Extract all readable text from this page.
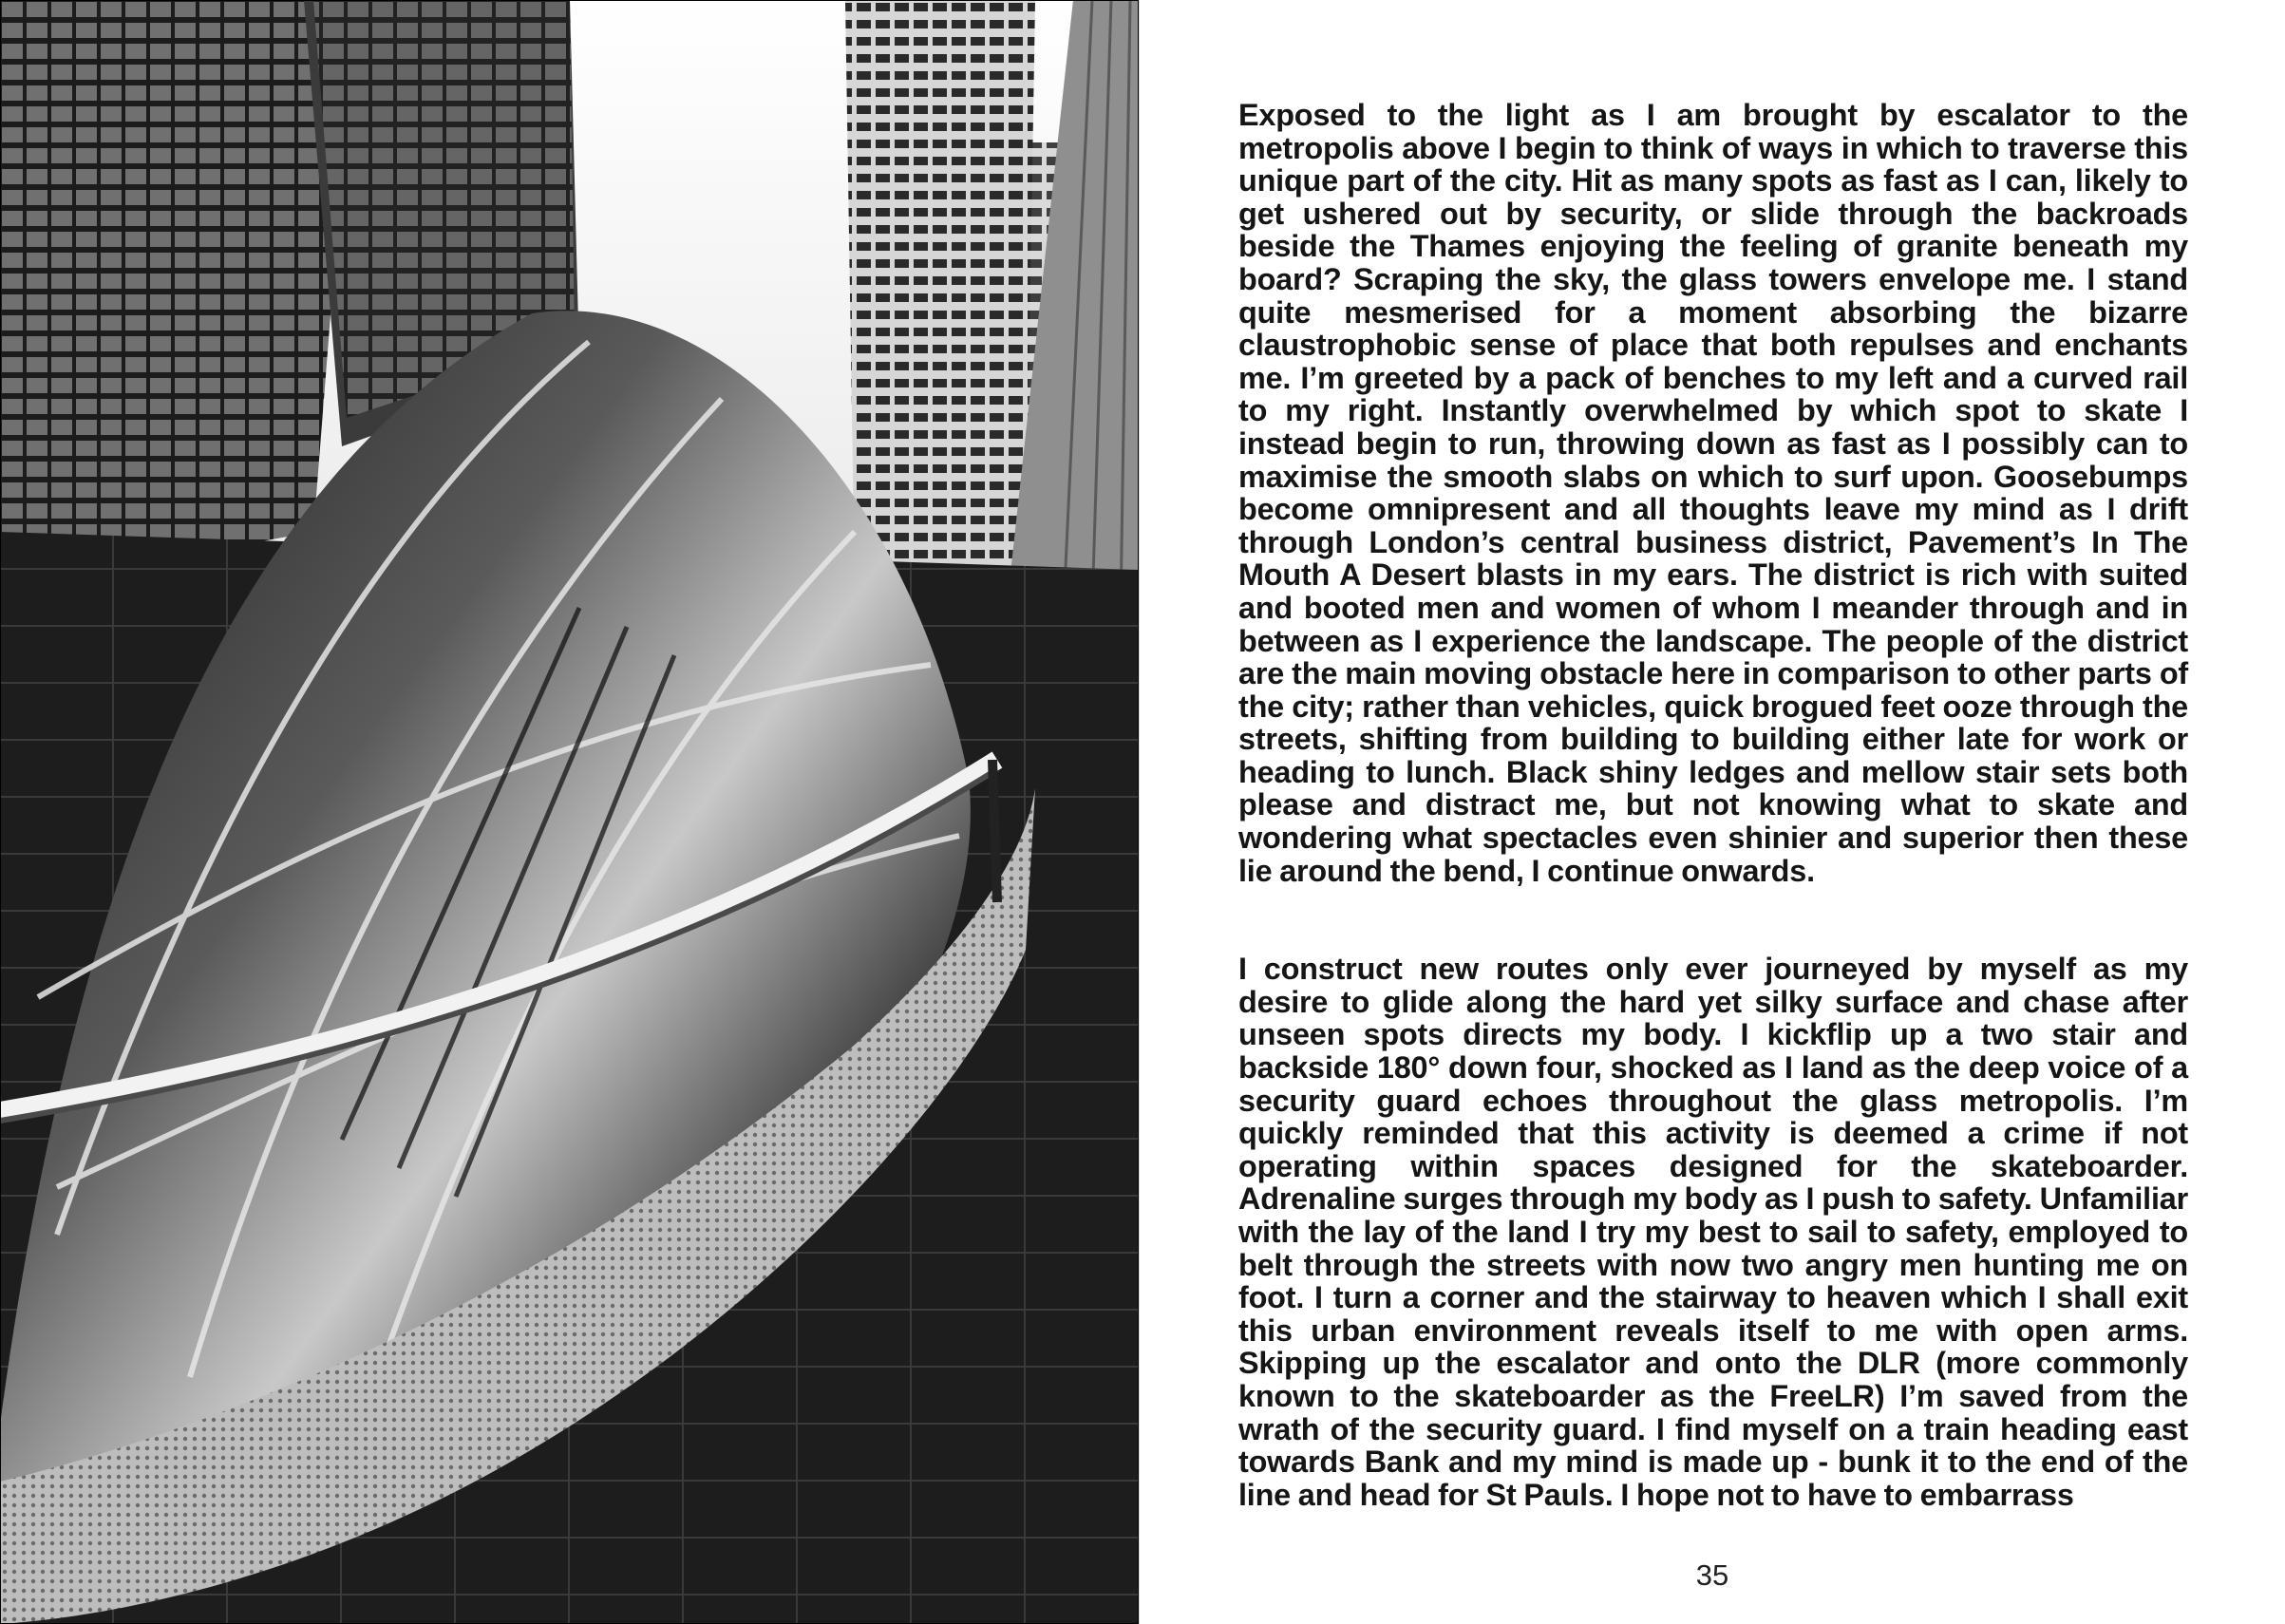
Exposed to the light as I am brought by escalator to the metropolis above I begin to think of ways in which to traverse this unique part of the city. Hit as many spots as fast as I can, likely to get ushered out by security, or slide through the backroads beside the Thames enjoying the feeling of granite beneath my board? Scraping the sky, the glass towers envelope me. I stand quite mesmerised for a moment absorbing the bizarre claustrophobic sense of place that both repulses and enchants me. I’m greeted by a pack of benches to my left and a curved rail to my right. Instantly overwhelmed by which spot to skate I instead begin to run, throwing down as fast as I possibly can to maximise the smooth slabs on which to surf upon. Goosebumps become omnipresent and all thoughts leave my mind as I drift through London’s central business district, Pavement’s In The Mouth A Desert blasts in my ears. The district is rich with suited and booted men and women of whom I meander through and in between as I experience the landscape. The people of the district are the main moving obstacle here in comparison to other parts of the city; rather than vehicles, quick brogued feet ooze through the streets, shifting from building to building either late for work or heading to lunch. Black shiny ledges and mellow stair sets both please and distract me, but not knowing what to skate and wondering what spectacles even shinier and superior then these lie around the bend, I continue onwards.

I construct new routes only ever journeyed by myself as my desire to glide along the hard yet silky surface and chase after unseen spots directs my body. I kickflip up a two stair and backside 180° down four, shocked as I land as the deep voice of a security guard echoes throughout the glass metropolis. I’m quickly reminded that this activity is deemed a crime if not operating within spaces designed for the skateboarder. Adrenaline surges through my body as I push to safety. Unfamiliar with the lay of the land I try my best to sail to safety, employed to belt through the streets with now two angry men hunting me on foot. I turn a corner and the stairway to heaven which I shall exit this urban environment reveals itself to me with open arms. Skipping up the escalator and onto the DLR (more commonly known to the skateboarder as the FreeLR) I’m saved from the wrath of the security guard. I find myself on a train heading east towards Bank and my mind is made up - bunk it to the end of the line and head for St Pauls. I hope not to have to embarrass

35
